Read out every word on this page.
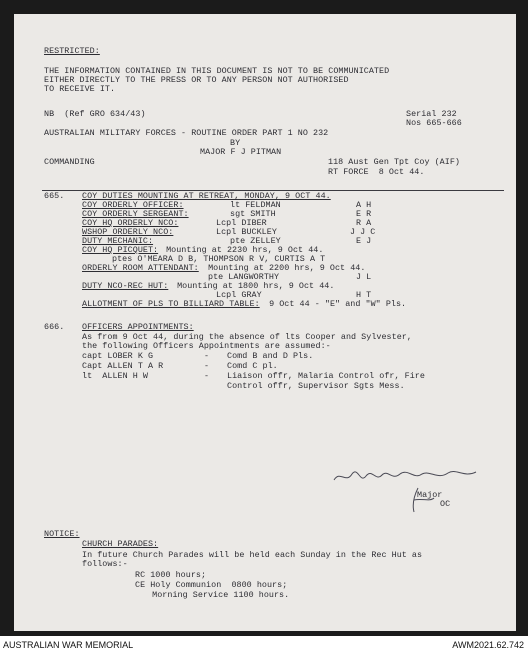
RESTRICTED:
THE INFORMATION CONTAINED IN THIS DOCUMENT IS NOT TO BE COMMUNICATED
EITHER DIRECTLY TO THE PRESS OR TO ANY PERSON NOT AUTHORISED
TO RECEIVE IT.
NB  (Ref GRO 634/43)	Serial 232
Nos 665-666
AUSTRALIAN MILITARY FORCES - ROUTINE ORDER PART 1 NO 232
BY
MAJOR F J PITMAN
COMMANDING	118 Aust Gen Tpt Coy (AIF)
RT FORCE  8 Oct 44.
665. COY DUTIES MOUNTING AT RETREAT, MONDAY, 9 OCT 44.
COY ORDERLY OFFICER:	lt FELDMAN	A H
COY ORDERLY SERGEANT:	sgt SMITH	E R
COY HQ ORDERLY NCO:	Lcpl DIBER	R A
WSHOP ORDERLY NCO:	Lcpl BUCKLEY	J J C
DUTY MECHANIC:	pte ZELLEY	E J
COY HQ PICQUET: Mounting at 2230 hrs, 9 Oct 44.
ptes O'MEARA D B, THOMPSON R V, CURTIS A T
ORDERLY ROOM ATTENDANT: Mounting at 2200 hrs, 9 Oct 44.
pte LANGWORTHY	J L
DUTY NCO-REC HUT: Mounting at 1800 hrs, 9 Oct 44.
Lcpl GRAY	H T
ALLOTMENT OF PLS TO BILLIARD TABLE: 9 Oct 44 - "E" and "W" Pls.
666. OFFICERS APPOINTMENTS:
As from 9 Oct 44, during the absence of lts Cooper and Sylvester,
the following Officers Appointments are assumed:-
capt LOBER K G	- Comd B and D Pls.
Capt ALLEN T A R	- Comd C pl.
lt  ALLEN H W	- Liaison offr, Malaria Control ofr, Fire
Control offr, Supervisor Sgts Mess.
Major
OC
NOTICE:
CHURCH PARADES:
In future Church Parades will be held each Sunday in the Rec Hut as
follows:-
RC 1000 hours;
CE Holy Communion  0800 hours;
Morning Service 1100 hours.
AUSTRALIAN WAR MEMORIAL	AWM2021.62.742
